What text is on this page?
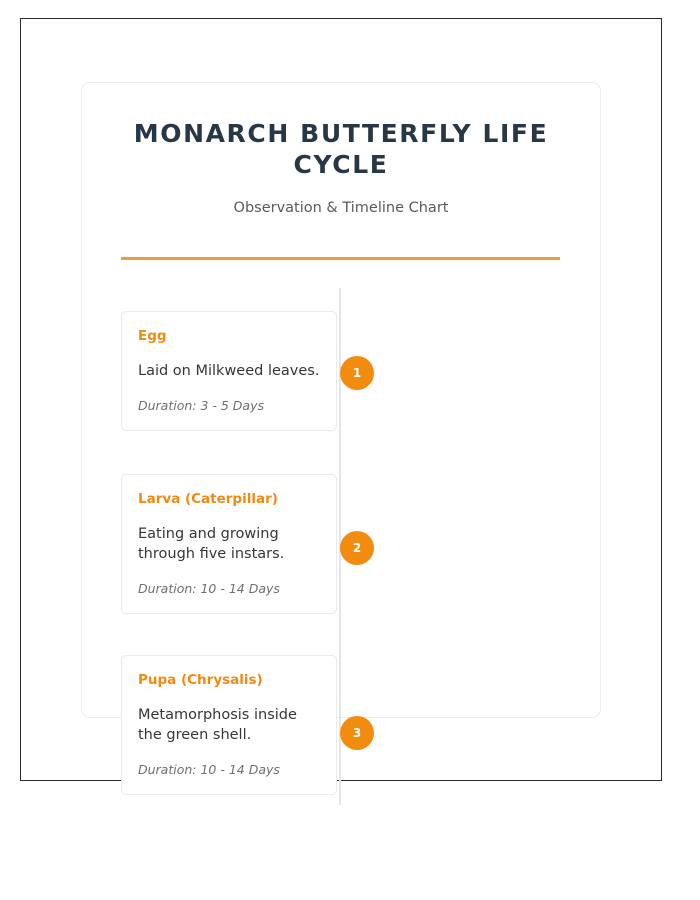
MONARCH BUTTERFLY LIFE CYCLE

Observation & Timeline Chart

Egg

Laid on Milkweed leaves.

Duration: 3 - 5 Days

1

Larva (Caterpillar)

Eating and growing through five instars.

Duration: 10 - 14 Days

2

Pupa (Chrysalis)

Metamorphosis inside the green shell.

Duration: 10 - 14 Days

3
